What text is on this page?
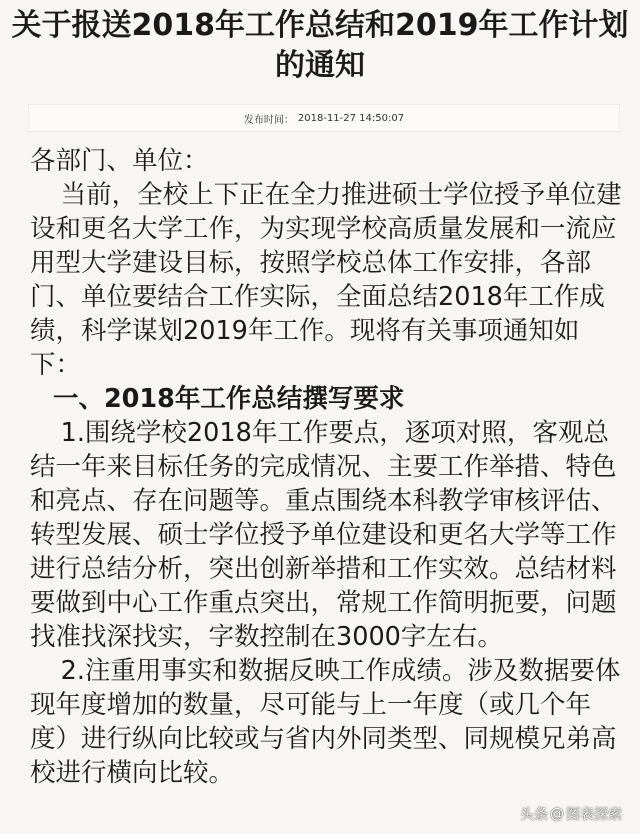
关于报送2018年工作总结和2019年工作计划的通知
发布时间： 2018-11-27 14:50:07

各部门、单位：

当前，全校上下正在全力推进硕士学位授予单位建设和更名大学工作，为实现学校高质量发展和一流应用型大学建设目标，按照学校总体工作安排，各部门、单位要结合工作实际，全面总结2018年工作成绩，科学谋划2019年工作。现将有关事项通知如下：

一、2018年工作总结撰写要求

1.围绕学校2018年工作要点，逐项对照，客观总结一年来目标任务的完成情况、主要工作举措、特色和亮点、存在问题等。重点围绕本科教学审核评估、转型发展、硕士学位授予单位建设和更名大学等工作进行总结分析，突出创新举措和工作实效。总结材料要做到中心工作重点突出，常规工作简明扼要，问题找准找深找实，字数控制在3000字左右。

2.注重用事实和数据反映工作成绩。涉及数据要体现年度增加的数量，尽可能与上一年度（或几个年度）进行纵向比较或与省内外同类型、同规模兄弟高校进行横向比较。

头条 @ 图表探索
